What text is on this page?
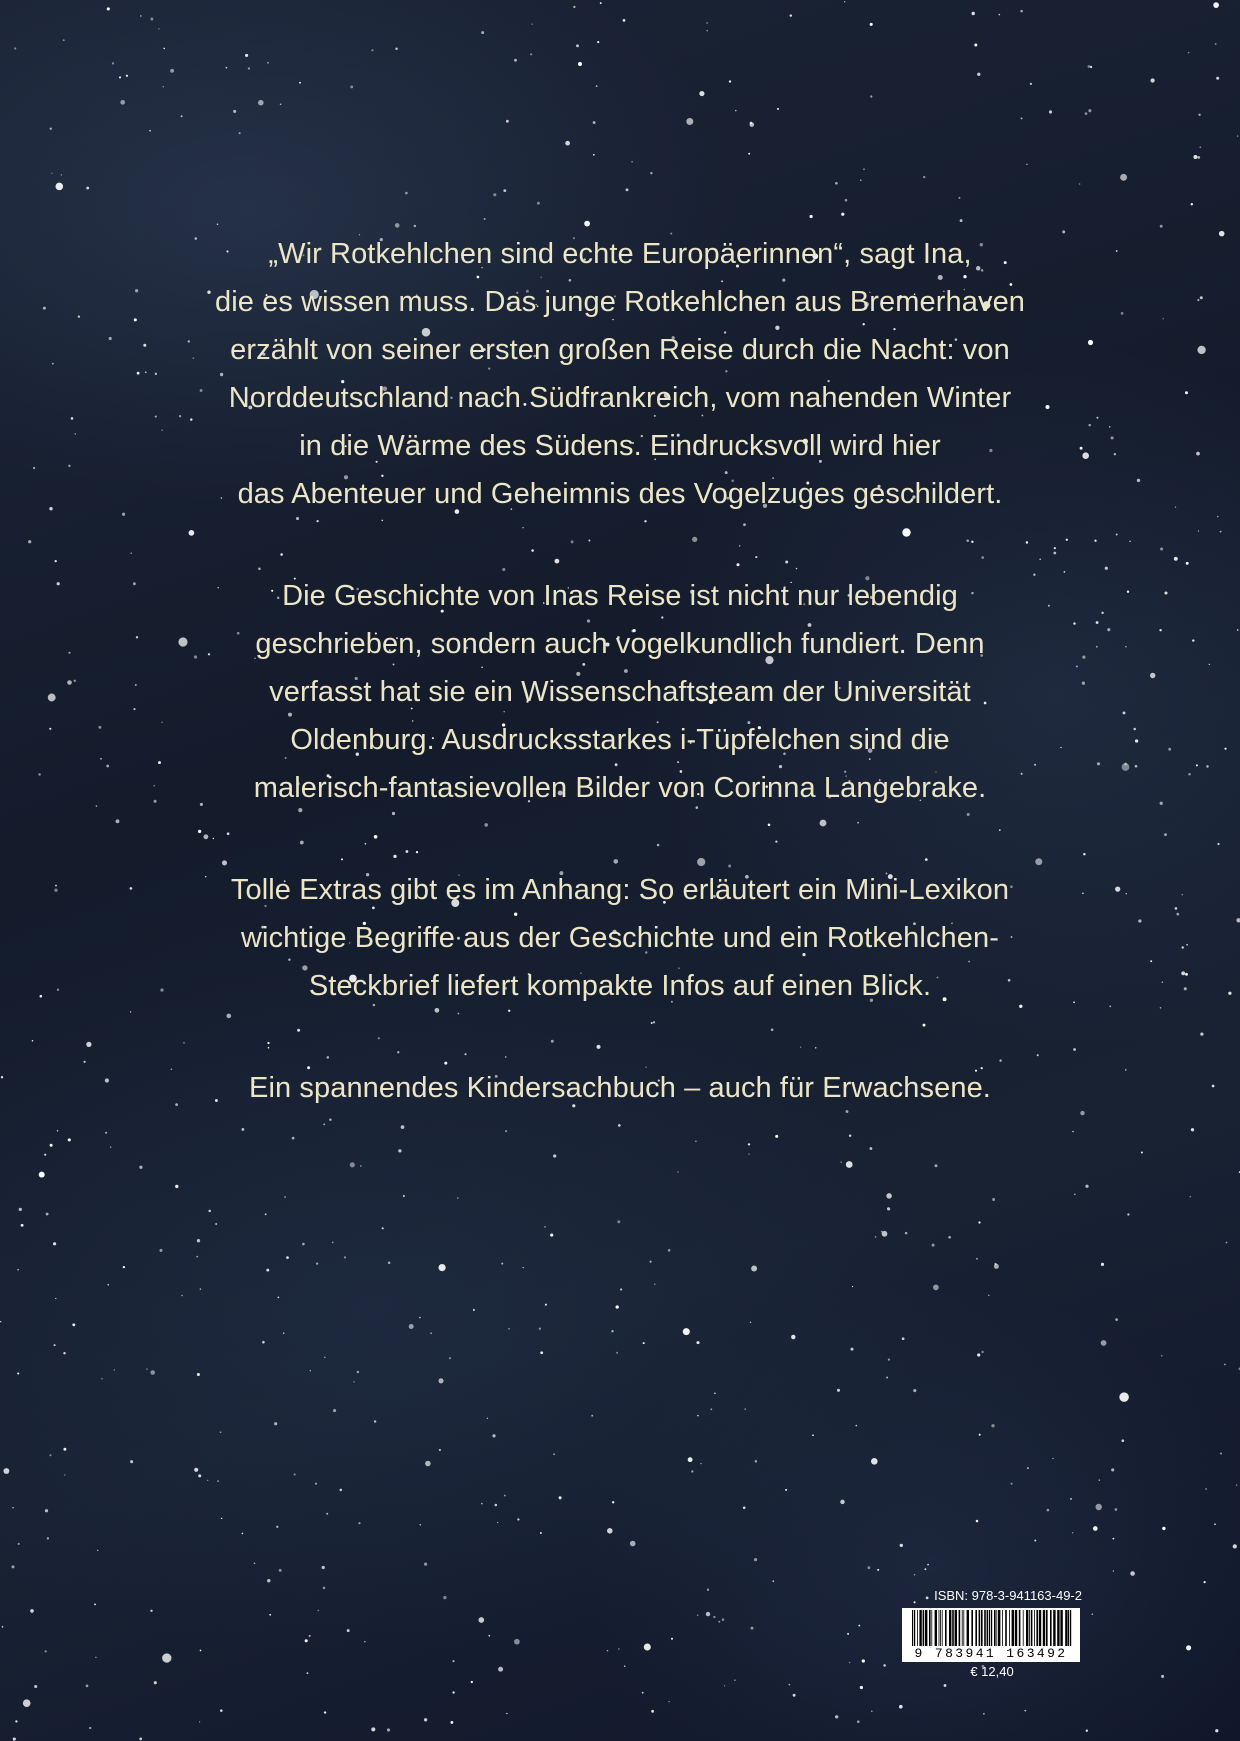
„Wir Rotkehlchen sind echte Europäerinnen“, sagt Ina,
die es wissen muss. Das junge Rotkehlchen aus Bremerhaven
erzählt von seiner ersten großen Reise durch die Nacht: von
Norddeutschland nach Südfrankreich, vom nahenden Winter
in die Wärme des Südens. Eindrucksvoll wird hier
das Abenteuer und Geheimnis des Vogelzuges geschildert.

Die Geschichte von Inas Reise ist nicht nur lebendig
geschrieben, sondern auch vogelkundlich fundiert. Denn
verfasst hat sie ein Wissenschaftsteam der Universität
Oldenburg. Ausdrucksstarkes i-Tüpfelchen sind die
malerisch-fantasievollen Bilder von Corinna Langebrake.

Tolle Extras gibt es im Anhang: So erläutert ein Mini-Lexikon
wichtige Begriffe aus der Geschichte und ein Rotkehlchen-
Steckbrief liefert kompakte Infos auf einen Blick.

Ein spannendes Kindersachbuch – auch für Erwachsene.

ISBN: 978-3-941163-49-2
9 783941 163492
€ 12,40
